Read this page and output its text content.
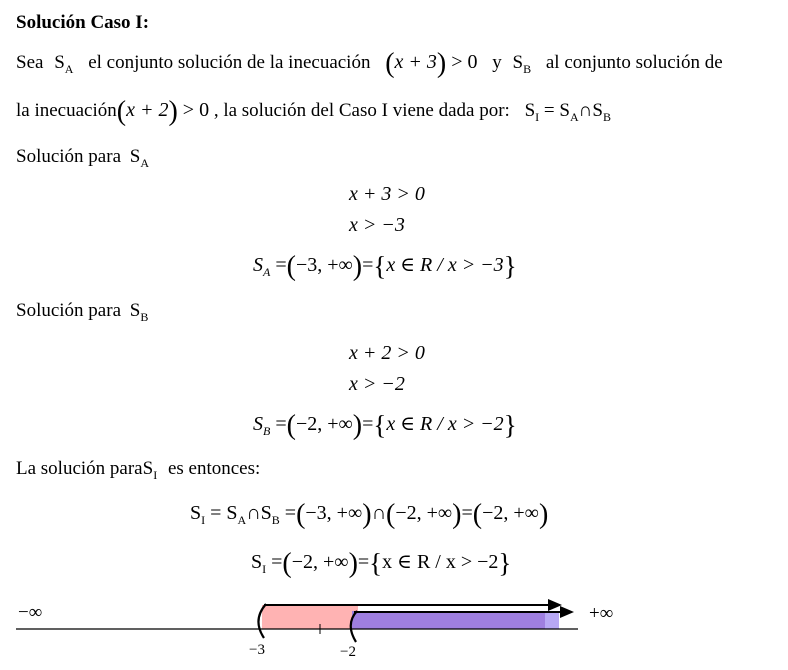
Solución Caso I:
Sea $S_A$ el conjunto solución de la inecuación (x + 3) > 0 y $S_B$ al conjunto solución de
la inecuación(x + 2) > 0 , la solución del Caso I viene dada por: $S_I$ = $S_A\cap S_B$
Solución para $S_A$
x + 3 > 0
x > −3
$S_A =(-3$, +∞)={x ∈ R / x > −3}
Solución para $S_B$
x + 2 > 0
x > −2
$S_B =(-2$, +∞)={x ∈ R / x > −2}
La solución paraS$_I$ es entonces:
$S_I$ = $S_A\cap S_B =(-3$, +∞)∩(−2, +∞)=(−2, +∞)
$S_I =(-2$, +∞)={x ∈ R / x > −2}
−∞	+∞
−3	−2
